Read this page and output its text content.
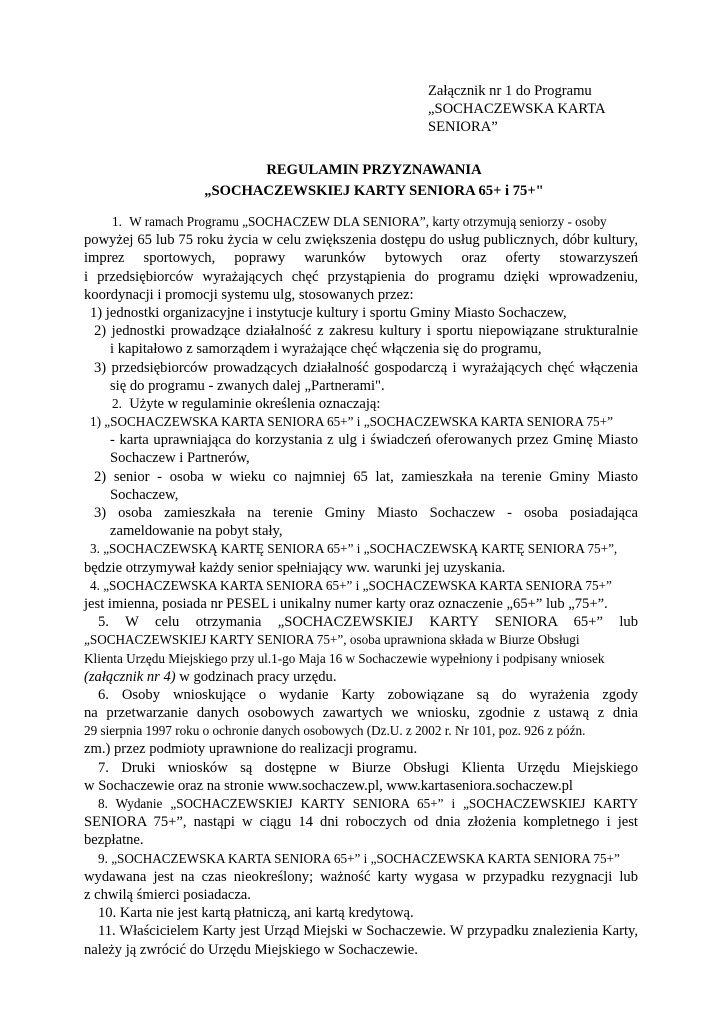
Załącznik nr 1 do Programu
„SOCHACZEWSKA KARTA
SENIORA”
REGULAMIN PRZYZNAWANIA
„SOCHACZEWSKIEJ KARTY SENIORA 65+ i 75+"
1. W ramach Programu „SOCHACZEW DLA SENIORA”, karty otrzymują seniorzy - osoby
powyżej 65 lub 75 roku życia w celu zwiększenia dostępu do usług publicznych, dóbr kultury,
imprez sportowych, poprawy warunków bytowych oraz oferty stowarzyszeń
i przedsiębiorców wyrażających chęć przystąpienia do programu dzięki wprowadzeniu,
koordynacji i promocji systemu ulg, stosowanych przez:
1) jednostki organizacyjne i instytucje kultury i sportu Gminy Miasto Sochaczew,
2) jednostki prowadzące działalność z zakresu kultury i sportu niepowiązane strukturalnie
i kapitałowo z samorządem i wyrażające chęć włączenia się do programu,
3) przedsiębiorców prowadzących działalność gospodarczą i wyrażających chęć włączenia
się do programu - zwanych dalej „Partnerami".
2. Użyte w regulaminie określenia oznaczają:
1) „SOCHACZEWSKA KARTA SENIORA 65+” i „SOCHACZEWSKA KARTA SENIORA 75+”
- karta uprawniająca do korzystania z ulg i świadczeń oferowanych przez Gminę Miasto
Sochaczew i Partnerów,
2) senior - osoba w wieku co najmniej 65 lat, zamieszkała na terenie Gminy Miasto
Sochaczew,
3) osoba zamieszkała na terenie Gminy Miasto Sochaczew - osoba posiadająca
zameldowanie na pobyt stały,
3. „SOCHACZEWSKĄ KARTĘ SENIORA 65+” i „SOCHACZEWSKĄ KARTĘ SENIORA 75+”,
będzie otrzymywał każdy senior spełniający ww. warunki jej uzyskania.
4. „SOCHACZEWSKA KARTA SENIORA 65+” i „SOCHACZEWSKA KARTA SENIORA 75+”
jest imienna, posiada nr PESEL i unikalny numer karty oraz oznaczenie „65+” lub „75+”.
5. W celu otrzymania „SOCHACZEWSKIEJ KARTY SENIORA 65+” lub
„SOCHACZEWSKIEJ KARTY SENIORA 75+”, osoba uprawniona składa w Biurze Obsługi
Klienta Urzędu Miejskiego przy ul.1-go Maja 16 w Sochaczewie wypełniony i podpisany wniosek
(załącznik nr 4) w godzinach pracy urzędu.
6. Osoby wnioskujące o wydanie Karty zobowiązane są do wyrażenia zgody
na przetwarzanie danych osobowych zawartych we wniosku, zgodnie z ustawą z dnia
29 sierpnia 1997 roku o ochronie danych osobowych (Dz.U. z 2002 r. Nr 101, poz. 926 z późn.
zm.) przez podmioty uprawnione do realizacji programu.
7. Druki wniosków są dostępne w Biurze Obsługi Klienta Urzędu Miejskiego
w Sochaczewie oraz na stronie www.sochaczew.pl, www.kartaseniora.sochaczew.pl
8. Wydanie „SOCHACZEWSKIEJ KARTY SENIORA 65+” i „SOCHACZEWSKIEJ KARTY
SENIORA 75+”, nastąpi w ciągu 14 dni roboczych od dnia złożenia kompletnego i jest
bezpłatne.
9. „SOCHACZEWSKA KARTA SENIORA 65+” i „SOCHACZEWSKA KARTA SENIORA 75+”
wydawana jest na czas nieokreślony; ważność karty wygasa w przypadku rezygnacji lub
z chwilą śmierci posiadacza.
10. Karta nie jest kartą płatniczą, ani kartą kredytową.
11. Właścicielem Karty jest Urząd Miejski w Sochaczewie. W przypadku znalezienia Karty,
należy ją zwrócić do Urzędu Miejskiego w Sochaczewie.
